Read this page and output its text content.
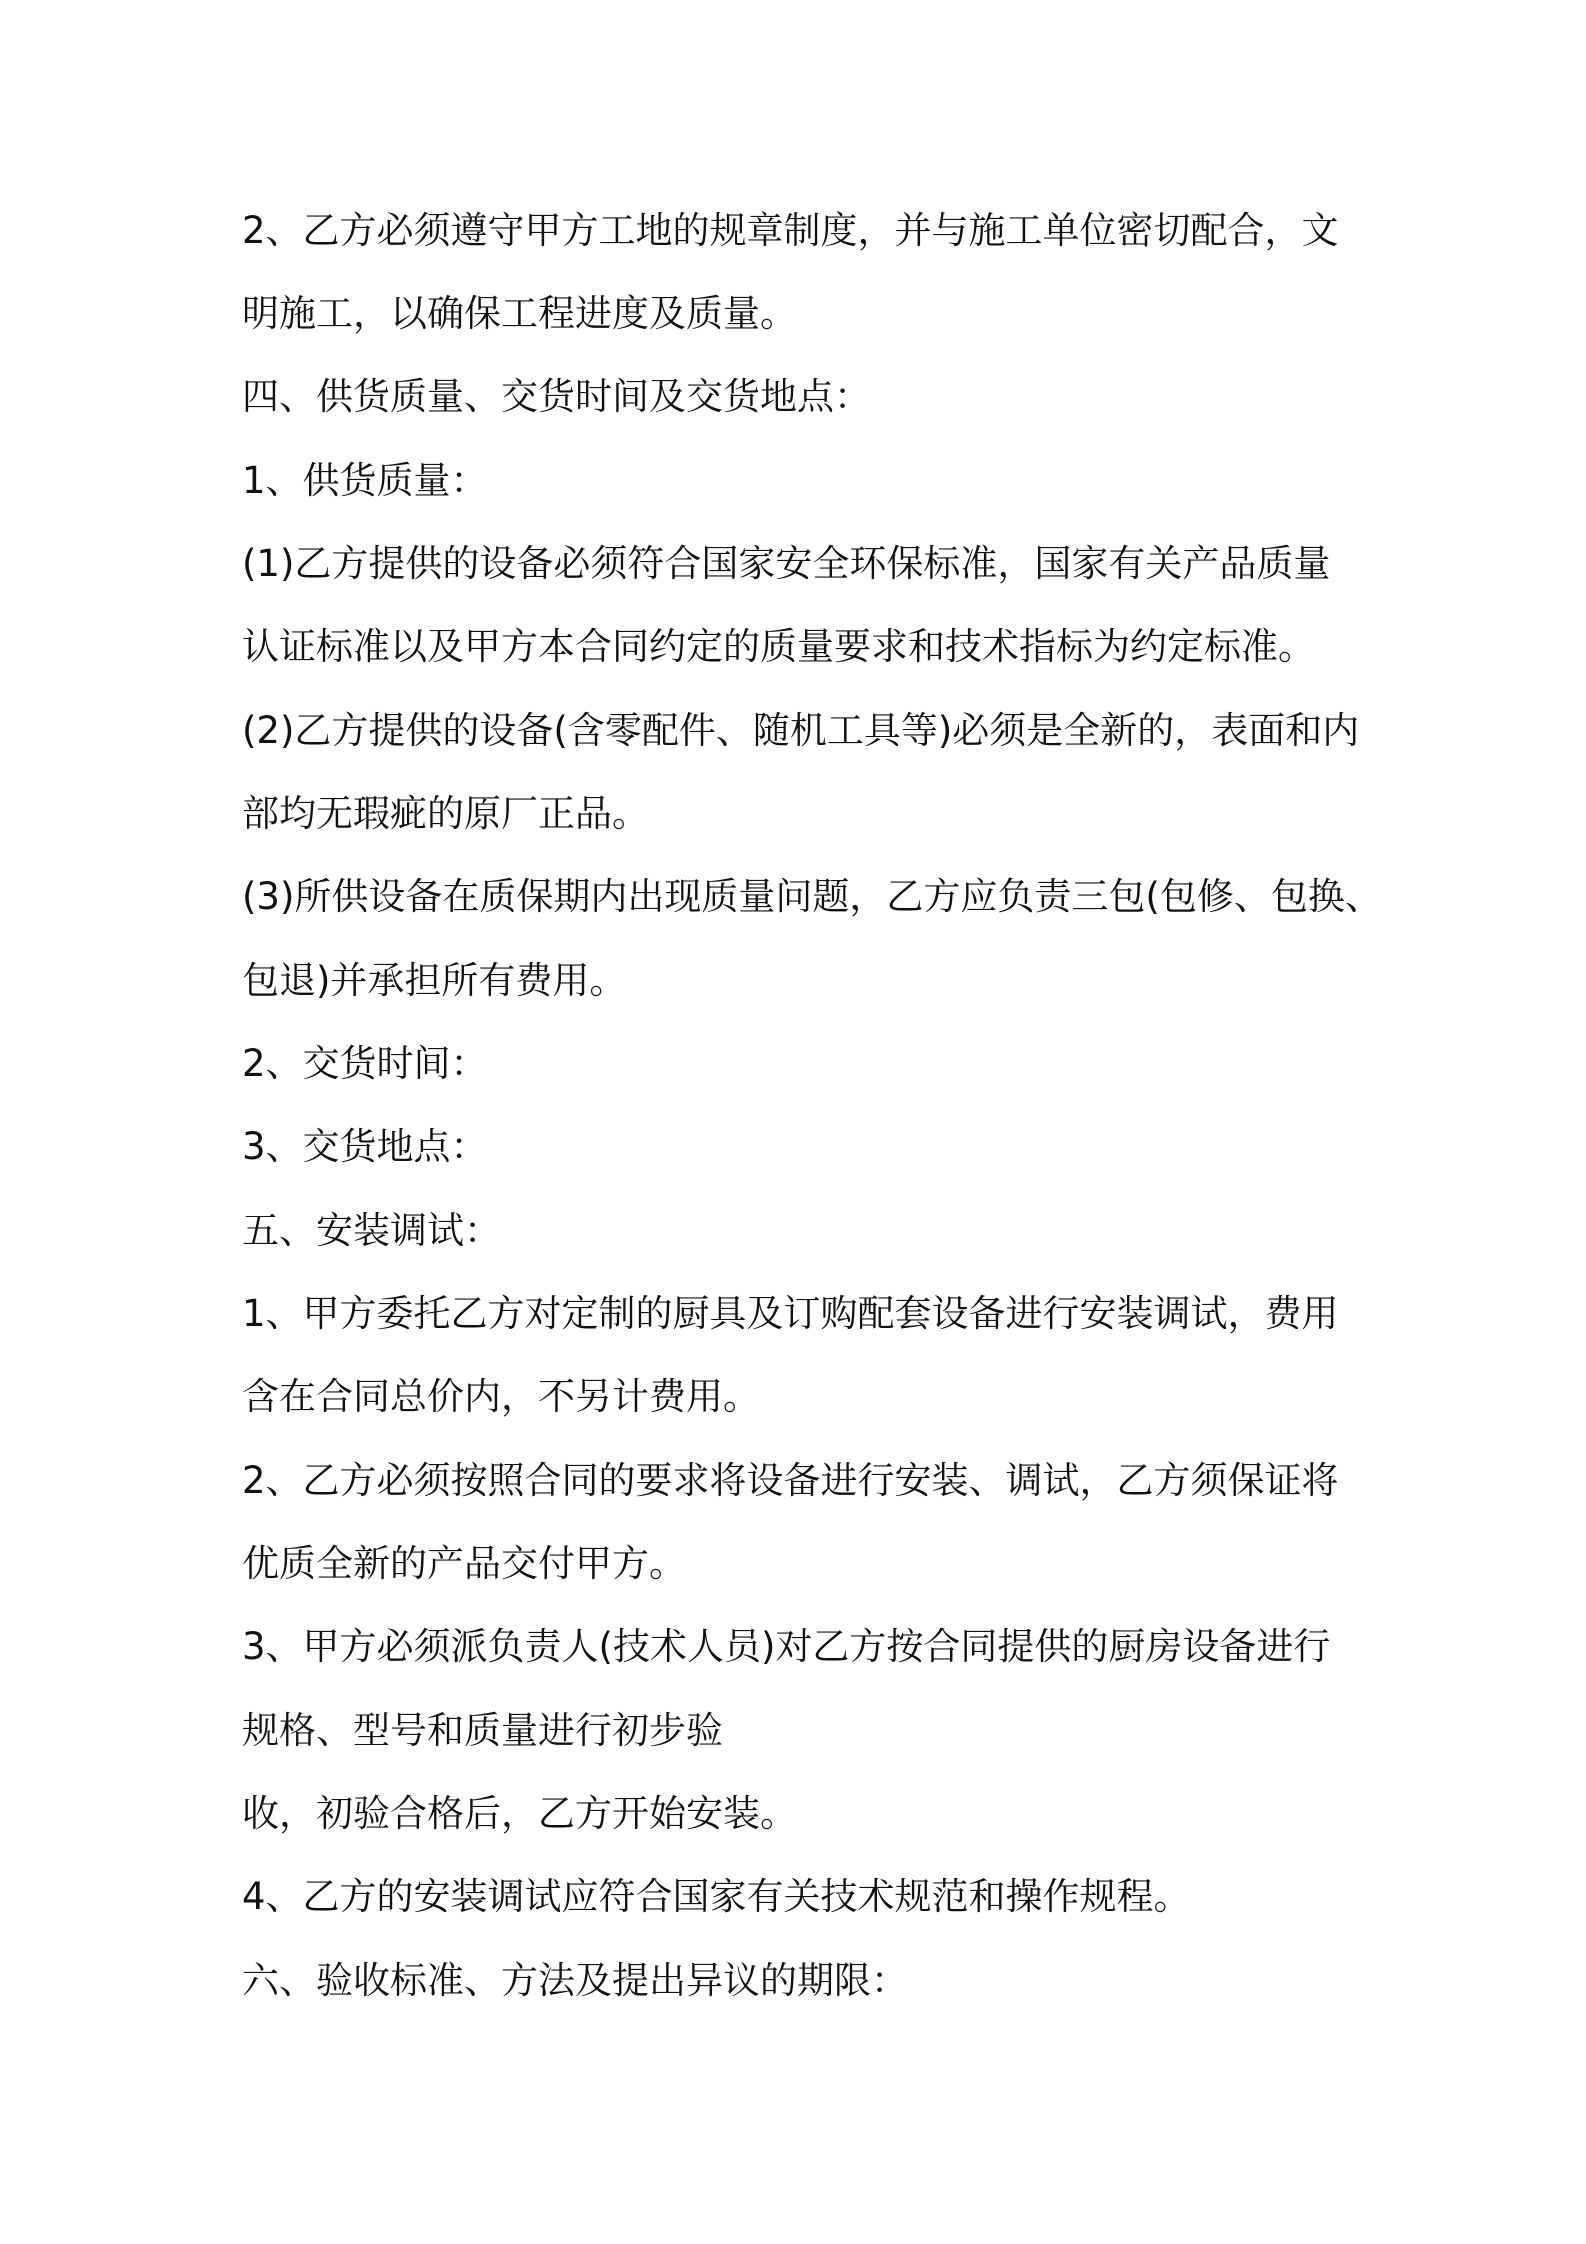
2、乙方必须遵守甲方工地的规章制度，并与施工单位密切配合，文

明施工，以确保工程进度及质量。

四、供货质量、交货时间及交货地点：

1、供货质量：

(1)乙方提供的设备必须符合国家安全环保标准，国家有关产品质量

认证标准以及甲方本合同约定的质量要求和技术指标为约定标准。

(2)乙方提供的设备(含零配件、随机工具等)必须是全新的，表面和内

部均无瑕疵的原厂正品。

(3)所供设备在质保期内出现质量问题，乙方应负责三包(包修、包换、

包退)并承担所有费用。

2、交货时间：

3、交货地点：

五、安装调试：

1、甲方委托乙方对定制的厨具及订购配套设备进行安装调试，费用

含在合同总价内，不另计费用。

2、乙方必须按照合同的要求将设备进行安装、调试，乙方须保证将

优质全新的产品交付甲方。

3、甲方必须派负责人(技术人员)对乙方按合同提供的厨房设备进行

规格、型号和质量进行初步验

收，初验合格后，乙方开始安装。

4、乙方的安装调试应符合国家有关技术规范和操作规程。

六、验收标准、方法及提出异议的期限：
